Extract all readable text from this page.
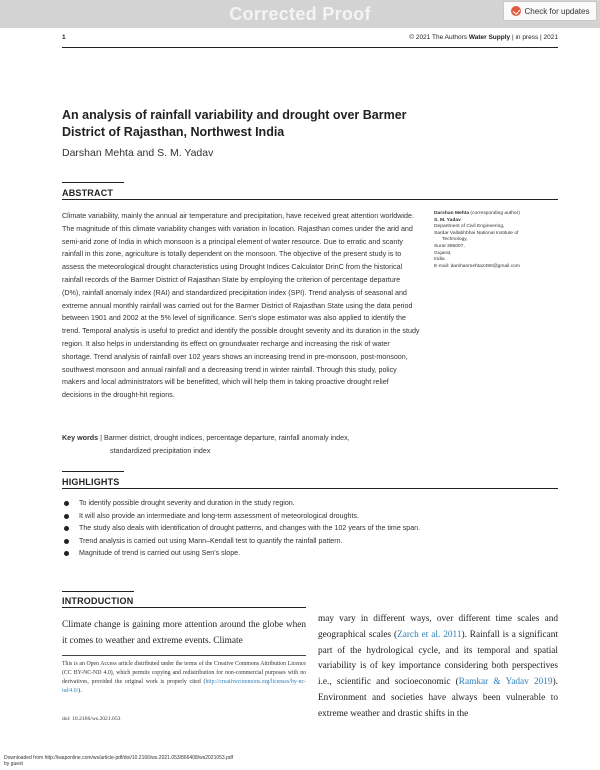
Corrected Proof	Check for updates
1	© 2021 The Authors Water Supply | in press | 2021
An analysis of rainfall variability and drought over Barmer District of Rajasthan, Northwest India
Darshan Mehta and S. M. Yadav
ABSTRACT
Climate variability, mainly the annual air temperature and precipitation, have received great attention worldwide. The magnitude of this climate variability changes with variation in location. Rajasthan comes under the arid and semi-arid zone of India in which monsoon is a principal element of water resource. Due to erratic and scanty rainfall in this zone, agriculture is totally dependent on the monsoon. The objective of the present study is to assess the meteorological drought characteristics using Drought Indices Calculator DrinC from the historical rainfall records of the Barmer District of Rajasthan State by employing the criterion of percentage departure (D%), rainfall anomaly index (RAI) and standardized precipitation index (SPI). Trend analysis of seasonal and extreme annual monthly rainfall was carried out for the Barmer District of Rajasthan State using the data period between 1901 and 2002 at the 5% level of significance. Sen's slope estimator was also applied to identify the trend. Temporal analysis is useful to predict and identify the possible drought severity and its duration in the study region. It also helps in understanding its effect on groundwater recharge and increasing the risk of water shortage. Trend analysis of rainfall over 102 years shows an increasing trend in pre-monsoon, post-monsoon, southwest monsoon and annual rainfall and a decreasing trend in winter rainfall. Through this study, policy makers and local administrators will be benefitted, which will help them in taking proactive drought relief decisions in the drought-hit regions.
Key words | Barmer district, drought indices, percentage departure, rainfall anomaly index,
standardized precipitation index
Darshan Mehta (corresponding author)
S. M. Yadav
Department of Civil Engineering,
Sardar Vallabhbhai National Institute of
Technology,
Surat 395007,
Gujarat,
India
E-mail: darshanmehta2490@gmail.com
HIGHLIGHTS
To identify possible drought severity and duration in the study region.
It will also provide an intermediate and long-term assessment of meteorological droughts.
The study also deals with identification of drought patterns, and changes with the 102 years of the time span.
Trend analysis is carried out using Mann–Kendall test to quantify the rainfall pattern.
Magnitude of trend is carried out using Sen's slope.
INTRODUCTION
Climate change is gaining more attention around the globe when it comes to weather and extreme events. Climate
may vary in different ways, over different time scales and geographical scales (Zarch et al. 2011). Rainfall is a significant part of the hydrological cycle, and its temporal and spatial variability is of key importance considering both perspectives i.e., scientific and socioeconomic (Ramkar & Yadav 2019). Environment and societies have always been vulnerable to extreme weather and drastic shifts in the
This is an Open Access article distributed under the terms of the Creative Commons Attribution Licence (CC BY-NC-ND 4.0), which permits copying and redistribution for non-commercial purposes with no derivatives, provided the original work is properly cited (http://creativecommons.org/licenses/by-nc-nd/4.0/).
doi: 10.2166/ws.2021.053
Downloaded from http://iwaponline.com/ws/article-pdf/doi/10.2166/ws.2021.053/866408/ws2021053.pdf
by guest
